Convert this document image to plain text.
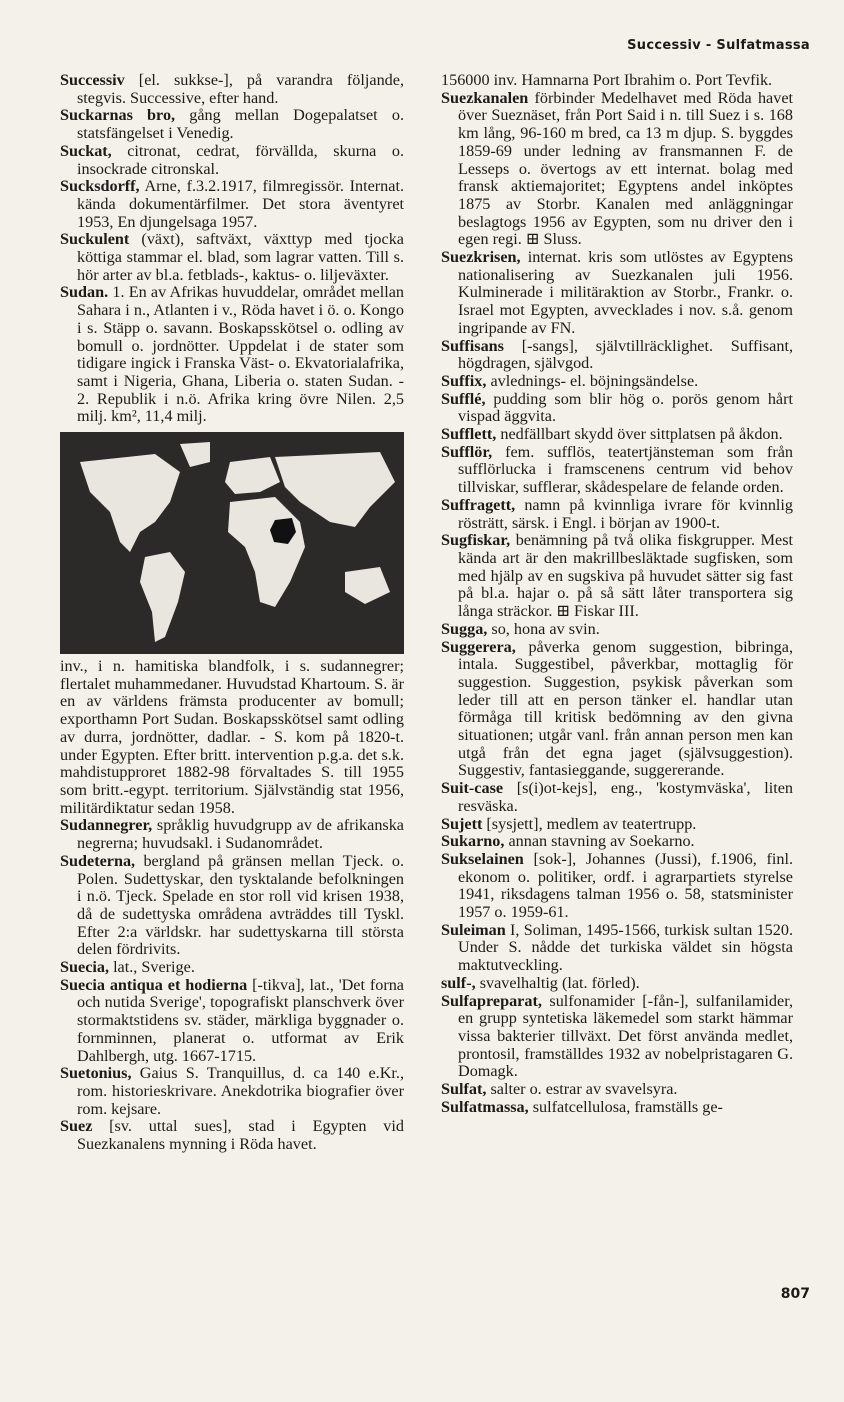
Successiv - Sulfatmassa

Successiv [el. sukkse-], på varandra följande, stegvis. Successive, efter hand.

Suckarnas bro, gång mellan Dogepalatset o. statsfängelset i Venedig.

Suckat, citronat, cedrat, förvällda, skurna o. insockrade citronskal.

Sucksdorff, Arne, f.3.2.1917, filmregissör. Internat. kända dokumentärfilmer. Det stora äventyret 1953, En djungelsaga 1957.

Suckulent (växt), saftväxt, växttyp med tjocka köttiga stammar el. blad, som lagrar vatten. Till s. hör arter av bl.a. fetblads-, kaktus- o. liljeväxter.

Sudan. 1. En av Afrikas huvuddelar, området mellan Sahara i n., Atlanten i v., Röda havet i ö. o. Kongo i s. Stäpp o. savann. Boskapsskötsel o. odling av bomull o. jordnötter. Uppdelat i de stater som tidigare ingick i Franska Väst- o. Ekvatorialafrika, samt i Nigeria, Ghana, Liberia o. staten Sudan. - 2. Republik i n.ö. Afrika kring övre Nilen. 2,5 milj. km², 11,4 milj.

inv., i n. hamitiska blandfolk, i s. sudannegrer; flertalet muhammedaner. Huvudstad Khartoum. S. är en av världens främsta producenter av bomull; exporthamn Port Sudan. Boskapsskötsel samt odling av durra, jordnötter, dadlar. - S. kom på 1820-t. under Egypten. Efter britt. intervention p.g.a. det s.k. mahdistupproret 1882-98 förvaltades S. till 1955 som britt.-egypt. territorium. Självständig stat 1956, militärdiktatur sedan 1958.

Sudannegrer, språklig huvudgrupp av de afrikanska negrerna; huvudsakl. i Sudanområdet.

Sudeterna, bergland på gränsen mellan Tjeck. o. Polen. Sudettyskar, den tysktalande befolkningen i n.ö. Tjeck. Spelade en stor roll vid krisen 1938, då de sudettyska områdena avträddes till Tyskl. Efter 2:a världskr. har sudettyskarna till största delen fördrivits.

Suecia, lat., Sverige.

Suecia antiqua et hodierna [-tikva], lat., 'Det forna och nutida Sverige', topografiskt planschverk över stormaktstidens sv. städer, märkliga byggnader o. fornminnen, planerat o. utformat av Erik Dahlbergh, utg. 1667-1715.

Suetonius, Gaius S. Tranquillus, d. ca 140 e.Kr., rom. historieskrivare. Anekdotrika biografier över rom. kejsare.

Suez [sv. uttal sues], stad i Egypten vid Suezkanalens mynning i Röda havet.

156000 inv. Hamnarna Port Ibrahim o. Port Tevfik.

Suezkanalen förbinder Medelhavet med Röda havet över Sueznäset, från Port Said i n. till Suez i s. 168 km lång, 96-160 m bred, ca 13 m djup. S. byggdes 1859-69 under ledning av fransmannen F. de Lesseps o. övertogs av ett internat. bolag med fransk aktiemajoritet; Egyptens andel inköptes 1875 av Storbr. Kanalen med anläggningar beslagtogs 1956 av Egypten, som nu driver den i egen regi. ⊞ Sluss.

Suezkrisen, internat. kris som utlöstes av Egyptens nationalisering av Suezkanalen juli 1956. Kulminerade i militäraktion av Storbr., Frankr. o. Israel mot Egypten, avvecklades i nov. s.å. genom ingripande av FN.

Suffisans [-sangs], självtillräcklighet. Suffisant, högdragen, självgod.

Suffix, avlednings- el. böjningsändelse.

Sufflé, pudding som blir hög o. porös genom hårt vispad äggvita.

Sufflett, nedfällbart skydd över sittplatsen på åkdon.

Sufflör, fem. sufflös, teatertjänsteman som från sufflörlucka i framscenens centrum vid behov tillviskar, sufflerar, skådespelare de felande orden.

Suffragett, namn på kvinnliga ivrare för kvinnlig rösträtt, särsk. i Engl. i början av 1900-t.

Sugfiskar, benämning på två olika fiskgrupper. Mest kända art är den makrillbesläktade sugfisken, som med hjälp av en sugskiva på huvudet sätter sig fast på bl.a. hajar o. på så sätt låter transportera sig långa sträckor. ⊞ Fiskar III.

Sugga, so, hona av svin.

Suggerera, påverka genom suggestion, bibringa, intala. Suggestibel, påverkbar, mottaglig för suggestion. Suggestion, psykisk påverkan som leder till att en person tänker el. handlar utan förmåga till kritisk bedömning av den givna situationen; utgår vanl. från annan person men kan utgå från det egna jaget (självsuggestion). Suggestiv, fantasieggande, suggererande.

Suit-case [s(i)ot-kejs], eng., 'kostymväska', liten resväska.

Sujett [sysjett], medlem av teatertrupp.

Sukarno, annan stavning av Soekarno.

Sukselainen [sok-], Johannes (Jussi), f.1906, finl. ekonom o. politiker, ordf. i agrarpartiets styrelse 1941, riksdagens talman 1956 o. 58, statsminister 1957 o. 1959-61.

Suleiman I, Soliman, 1495-1566, turkisk sultan 1520. Under S. nådde det turkiska väldet sin högsta maktutveckling.

sulf-, svavelhaltig (lat. förled).

Sulfapreparat, sulfonamider [-fån-], sulfanilamider, en grupp syntetiska läkemedel som starkt hämmar vissa bakterier tillväxt. Det först använda medlet, prontosil, framställdes 1932 av nobelpristagaren G. Domagk.

Sulfat, salter o. estrar av svavelsyra.

Sulfatmassa, sulfatcellulosa, framställs ge-

807
